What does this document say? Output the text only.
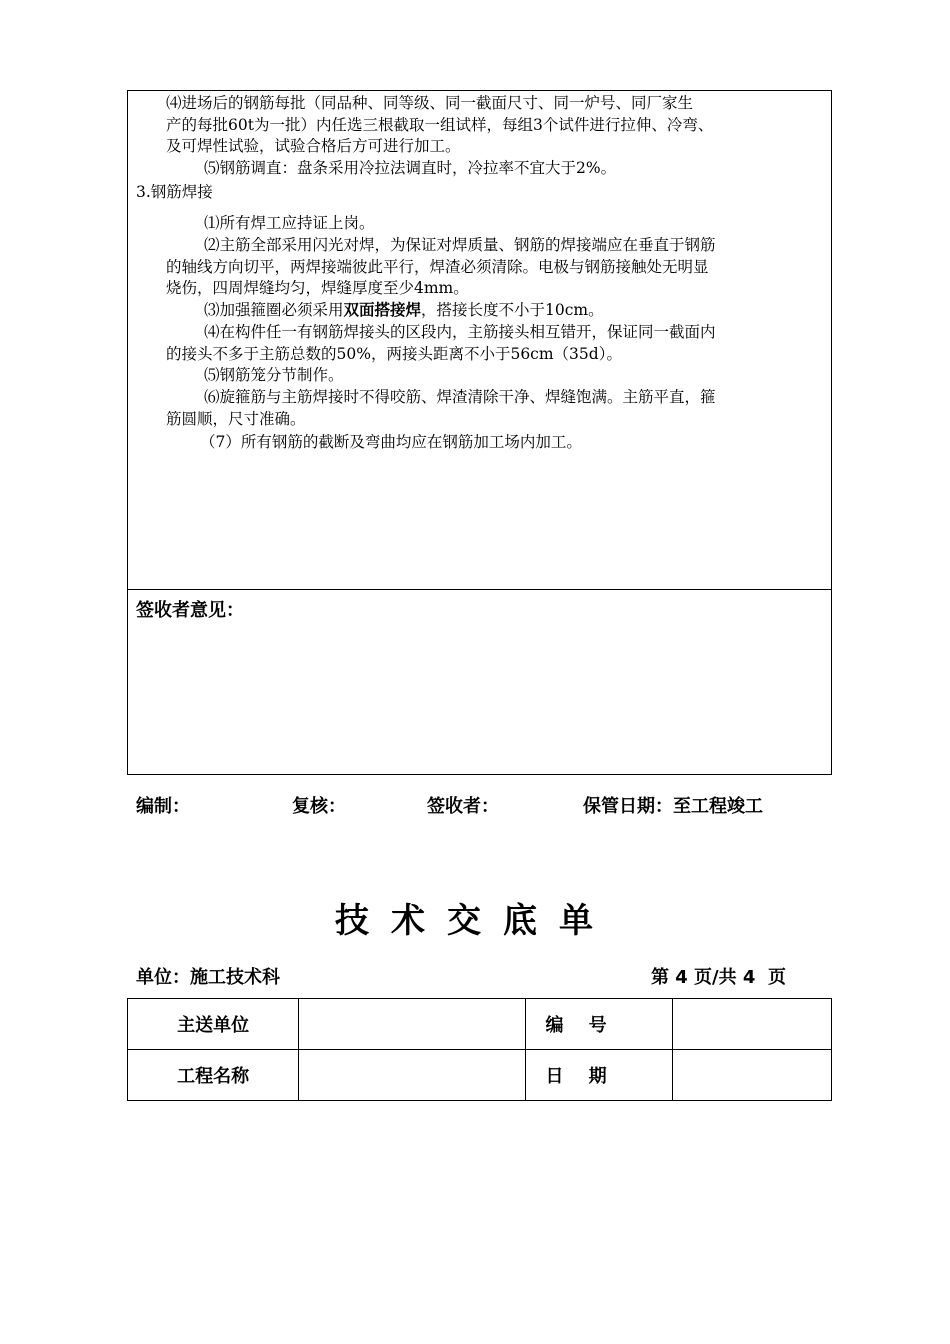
⑷进场后的钢筋每批（同品种、同等级、同一截面尺寸、同一炉号、同厂家生
产的每批60t为一批）内任选三根截取一组试样，每组3个试件进行拉伸、冷弯、
及可焊性试验，试验合格后方可进行加工。
⑸钢筋调直：盘条采用冷拉法调直时，冷拉率不宜大于2%。
3.钢筋焊接
⑴所有焊工应持证上岗。
⑵主筋全部采用闪光对焊，为保证对焊质量、钢筋的焊接端应在垂直于钢筋
的轴线方向切平，两焊接端彼此平行，焊渣必须清除。电极与钢筋接触处无明显
烧伤，四周焊缝均匀，焊缝厚度至少4mm。
⑶加强箍圈必须采用双面搭接焊，搭接长度不小于10cm。
⑷在构件任一有钢筋焊接头的区段内，主筋接头相互错开，保证同一截面内
的接头不多于主筋总数的50%，两接头距离不小于56cm（35d）。
⑸钢筋笼分节制作。
⑹旋箍筋与主筋焊接时不得咬筋、焊渣清除干净、焊缝饱满。主筋平直，箍
筋圆顺，尺寸准确。
（7）所有钢筋的截断及弯曲均应在钢筋加工场内加工。
签收者意见：
编制：	复核：	签收者：	保管日期：至工程竣工
技术交底单
单位：施工技术科	第 4 页/共 4  页
主送单位		编    号	
工程名称		日    期	
